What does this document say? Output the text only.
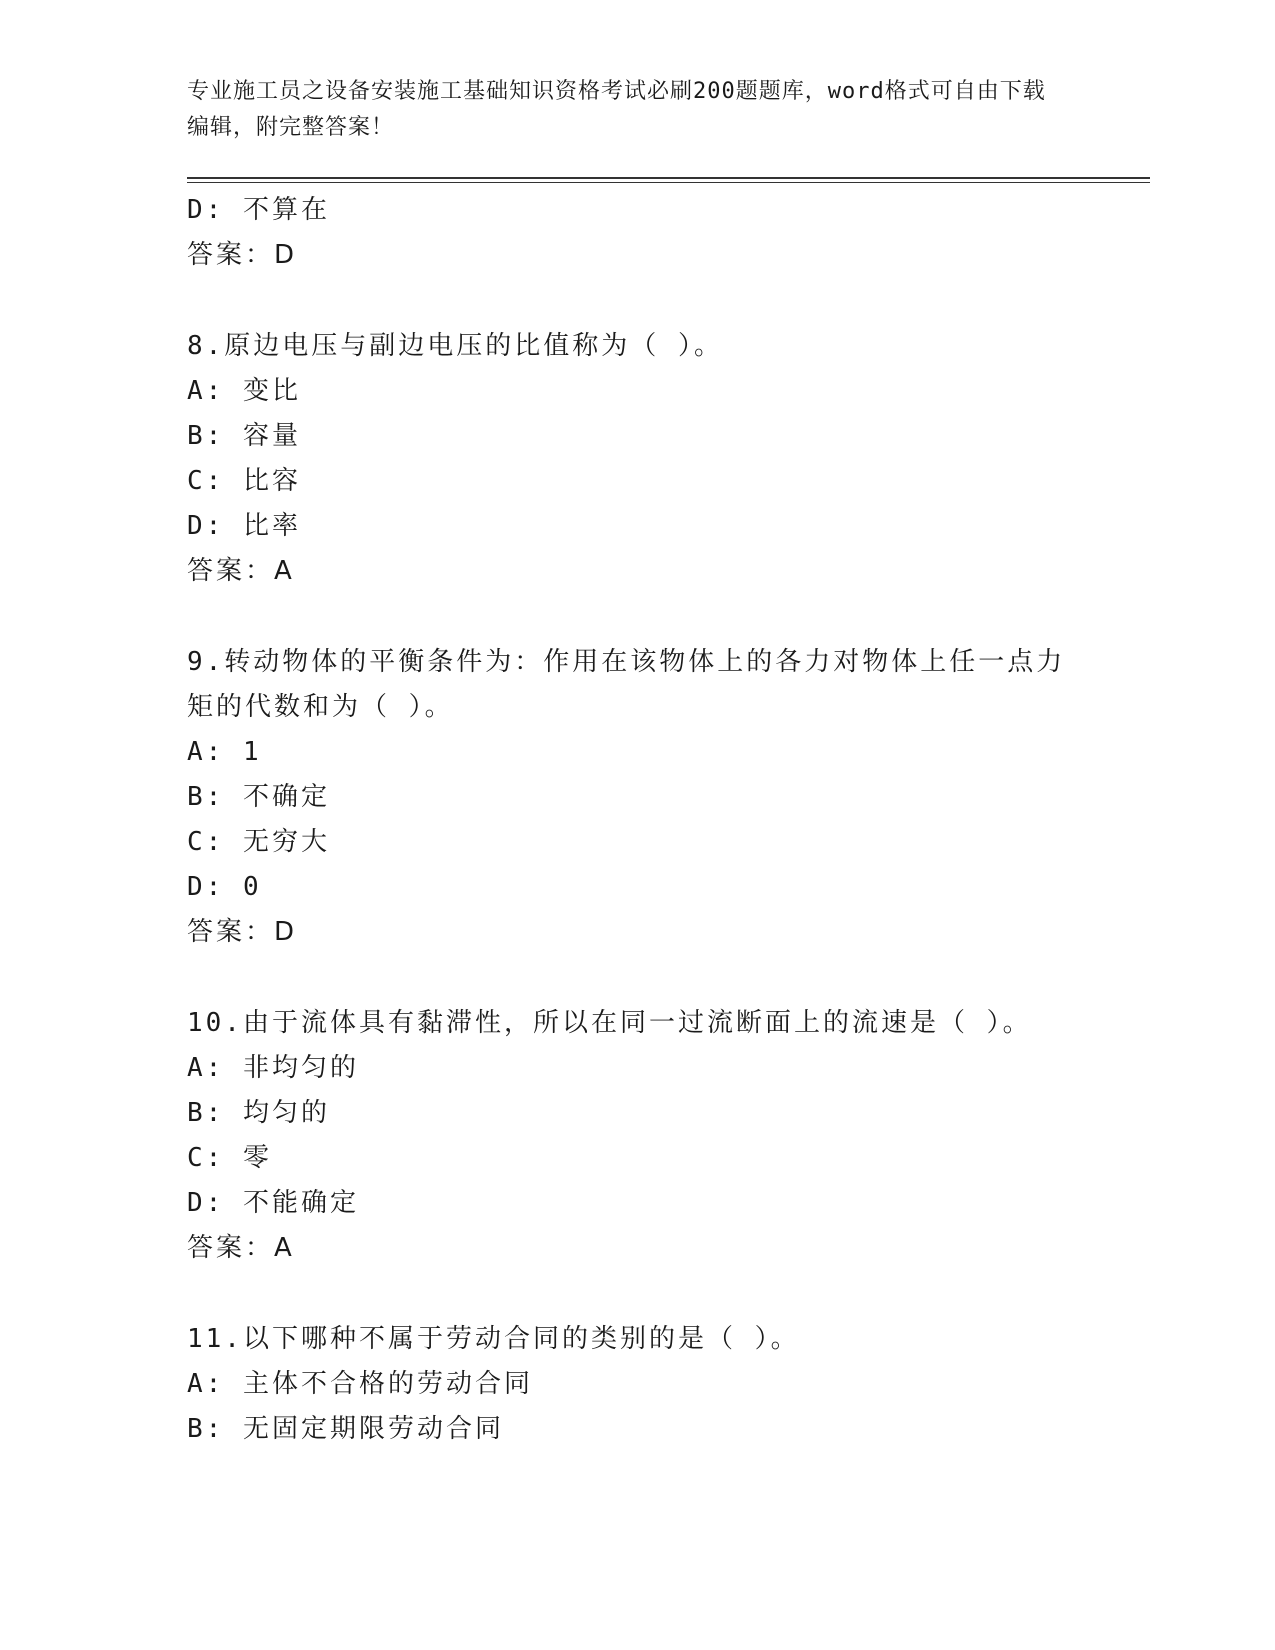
专业施工员之设备安装施工基础知识资格考试必刷200题题库，word格式可自由下载编辑，附完整答案！
D: 不算在
答案：D
8.原边电压与副边电压的比值称为（ ）。
A: 变比
B: 容量
C: 比容
D: 比率
答案：A
9.转动物体的平衡条件为：作用在该物体上的各力对物体上任一点力
矩的代数和为（ ）。
A: 1
B: 不确定
C: 无穷大
D: 0
答案：D
10.由于流体具有黏滞性，所以在同一过流断面上的流速是（ ）。
A: 非均匀的
B: 均匀的
C: 零
D: 不能确定
答案：A
11.以下哪种不属于劳动合同的类别的是（ ）。
A: 主体不合格的劳动合同
B: 无固定期限劳动合同
